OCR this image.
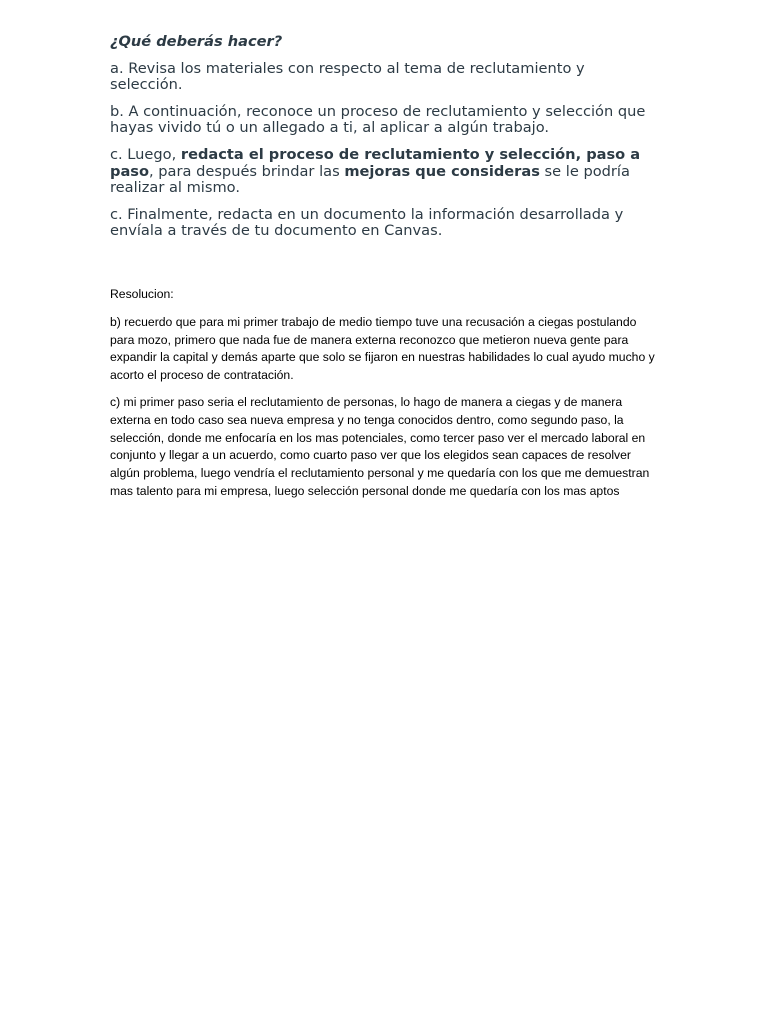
¿Qué deberás hacer?

a. Revisa los materiales con respecto al tema de reclutamiento y selección.

b. A continuación, reconoce un proceso de reclutamiento y selección que hayas vivido tú o un allegado a ti, al aplicar a algún trabajo.

c. Luego, redacta el proceso de reclutamiento y selección, paso a paso, para después brindar las mejoras que consideras se le podría realizar al mismo.

c. Finalmente, redacta en un documento la información desarrollada y envíala a través de tu documento en Canvas.

Resolucion:

b) recuerdo que para mi primer trabajo de medio tiempo tuve una recusación a ciegas postulando para mozo, primero que nada fue de manera externa reconozco que metieron nueva gente para expandir la capital y demás aparte que solo se fijaron en nuestras habilidades lo cual ayudo mucho y acorto el proceso de contratación.

c) mi primer paso seria el reclutamiento de personas, lo hago de manera a ciegas y de manera externa en todo caso sea nueva empresa y no tenga conocidos dentro, como segundo paso, la selección, donde me enfocaría en los mas potenciales, como tercer paso ver el mercado laboral en conjunto y llegar a un acuerdo, como cuarto paso ver que los elegidos sean capaces de resolver algún problema, luego vendría el reclutamiento personal y me quedaría con los que me demuestran mas talento para mi empresa, luego selección personal donde me quedaría con los mas aptos
